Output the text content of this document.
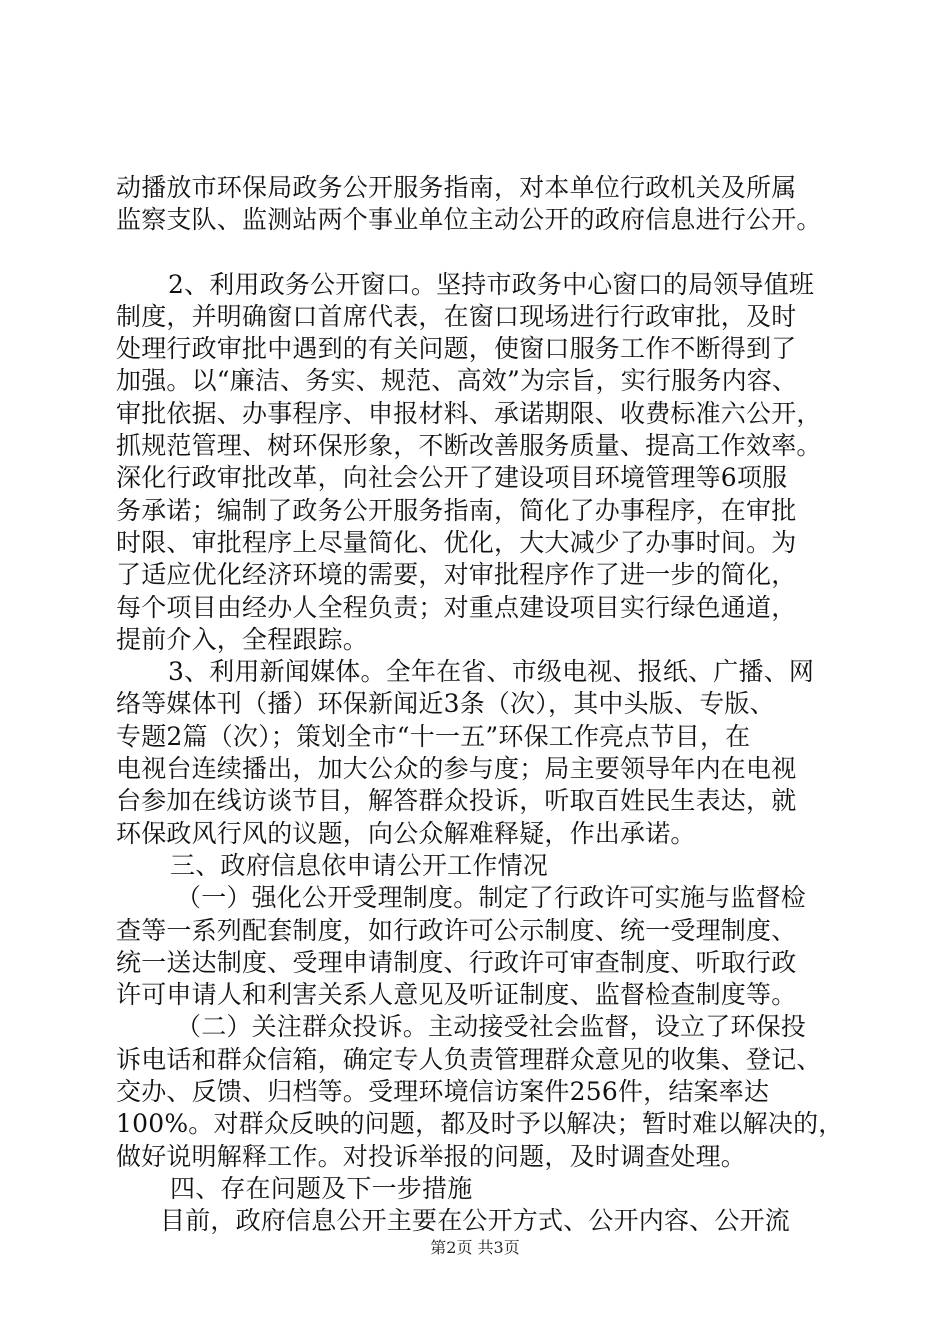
动播放市环保局政务公开服务指南，对本单位行政机关及所属
监察支队、监测站两个事业单位主动公开的政府信息进行公开。
2、利用政务公开窗口。坚持市政务中心窗口的局领导值班
制度，并明确窗口首席代表，在窗口现场进行行政审批，及时
处理行政审批中遇到的有关问题，使窗口服务工作不断得到了
加强。以“廉洁、务实、规范、高效”为宗旨，实行服务内容、
审批依据、办事程序、申报材料、承诺期限、收费标准六公开，
抓规范管理、树环保形象，不断改善服务质量、提高工作效率。
深化行政审批改革，向社会公开了建设项目环境管理等6项服
务承诺；编制了政务公开服务指南，简化了办事程序，在审批
时限、审批程序上尽量简化、优化，大大减少了办事时间。为
了适应优化经济环境的需要，对审批程序作了进一步的简化，
每个项目由经办人全程负责；对重点建设项目实行绿色通道，
提前介入，全程跟踪。
3、利用新闻媒体。全年在省、市级电视、报纸、广播、网
络等媒体刊（播）环保新闻近3条（次），其中头版、专版、
专题2篇（次）；策划全市“十一五”环保工作亮点节目，在
电视台连续播出，加大公众的参与度；局主要领导年内在电视
台参加在线访谈节目，解答群众投诉，听取百姓民生表达，就
环保政风行风的议题，向公众解难释疑，作出承诺。
三、政府信息依申请公开工作情况
（一）强化公开受理制度。制定了行政许可实施与监督检
查等一系列配套制度，如行政许可公示制度、统一受理制度、
统一送达制度、受理申请制度、行政许可审查制度、听取行政
许可申请人和利害关系人意见及听证制度、监督检查制度等。
（二）关注群众投诉。主动接受社会监督，设立了环保投
诉电话和群众信箱，确定专人负责管理群众意见的收集、登记、
交办、反馈、归档等。受理环境信访案件256件，结案率达
100%。对群众反映的问题，都及时予以解决；暂时难以解决的，
做好说明解释工作。对投诉举报的问题，及时调查处理。
四、存在问题及下一步措施
目前，政府信息公开主要在公开方式、公开内容、公开流
第2页 共3页
